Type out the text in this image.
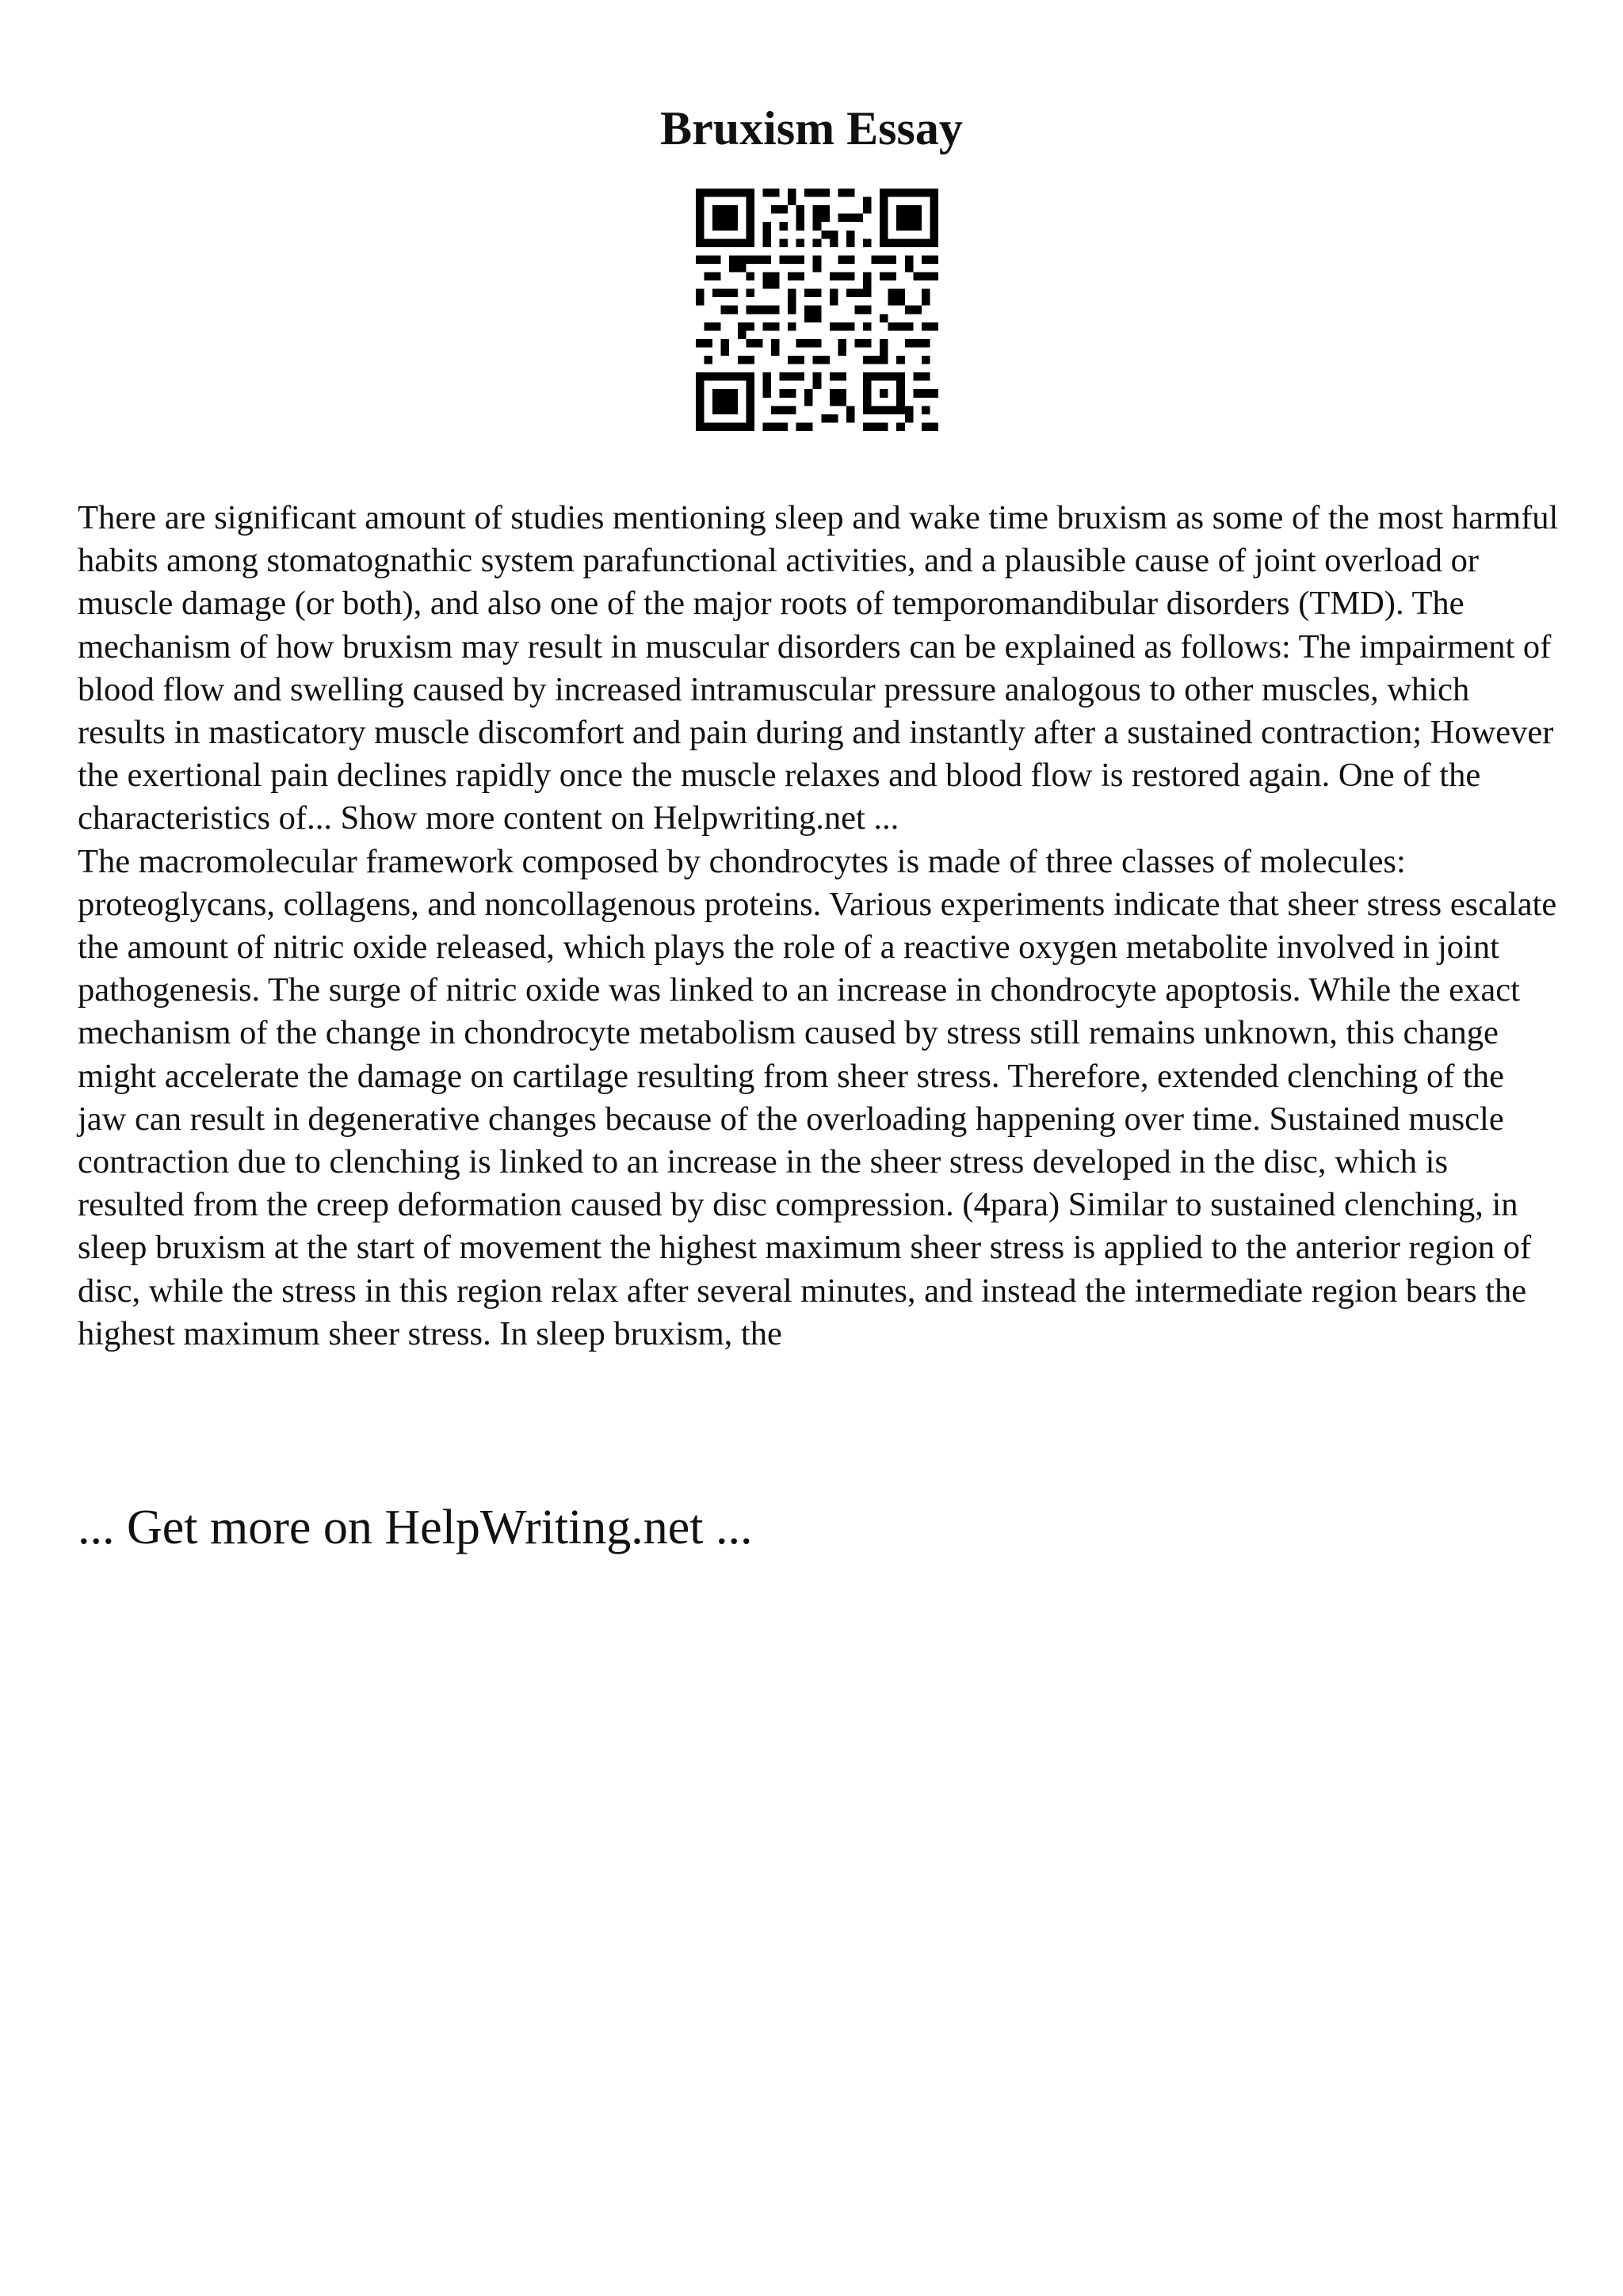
Bruxism Essay

There are significant amount of studies mentioning sleep and wake time bruxism as some of the most harmful habits among stomatognathic system parafunctional activities, and a plausible cause of joint overload or muscle damage (or both), and also one of the major roots of temporomandibular disorders (TMD). The mechanism of how bruxism may result in muscular disorders can be explained as follows: The impairment of blood flow and swelling caused by increased intramuscular pressure analogous to other muscles, which results in masticatory muscle discomfort and pain during and instantly after a sustained contraction; However the exertional pain declines rapidly once the muscle relaxes and blood flow is restored again. One of the characteristics of... Show more content on Helpwriting.net ...

The macromolecular framework composed by chondrocytes is made of three classes of molecules: proteoglycans, collagens, and noncollagenous proteins. Various experiments indicate that sheer stress escalate the amount of nitric oxide released, which plays the role of a reactive oxygen metabolite involved in joint pathogenesis. The surge of nitric oxide was linked to an increase in chondrocyte apoptosis. While the exact mechanism of the change in chondrocyte metabolism caused by stress still remains unknown, this change might accelerate the damage on cartilage resulting from sheer stress. Therefore, extended clenching of the jaw can result in degenerative changes because of the overloading happening over time. Sustained muscle contraction due to clenching is linked to an increase in the sheer stress developed in the disc, which is resulted from the creep deformation caused by disc compression. (4para) Similar to sustained clenching, in sleep bruxism at the start of movement the highest maximum sheer stress is applied to the anterior region of disc, while the stress in this region relax after several minutes, and instead the intermediate region bears the highest maximum sheer stress. In sleep bruxism, the

... Get more on HelpWriting.net ...
